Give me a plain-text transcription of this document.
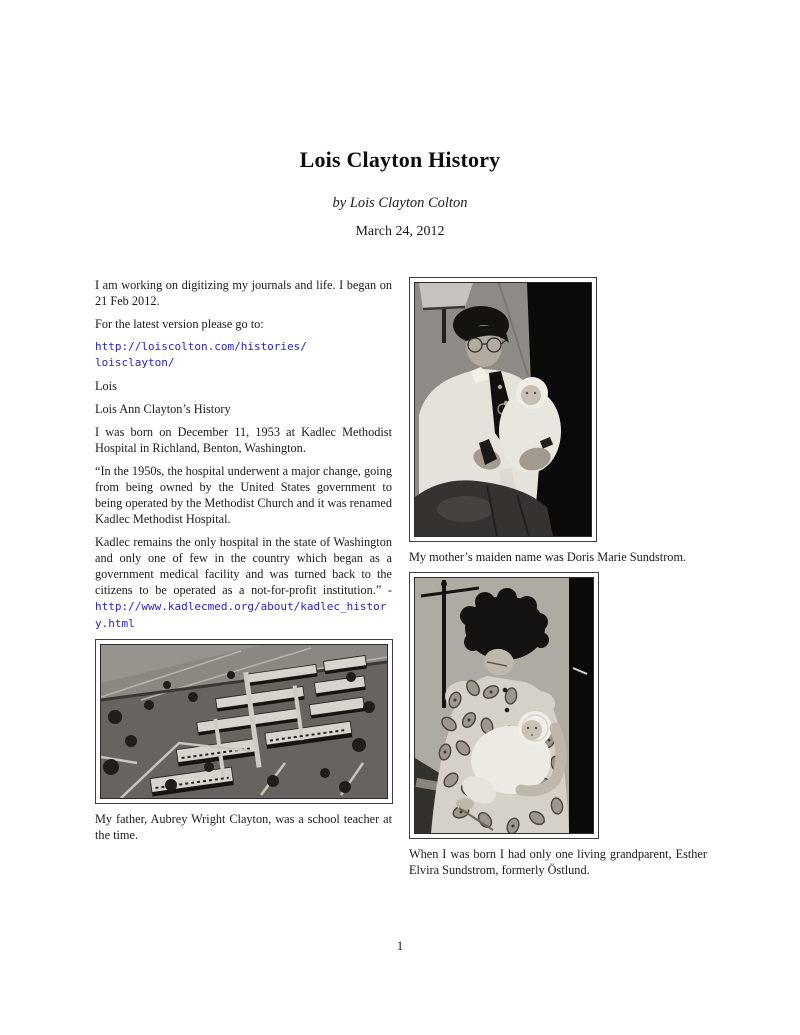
Lois Clayton History
by Lois Clayton Colton
March 24, 2012

I am working on digitizing my journals and life. I began on 21 Feb 2012.

For the latest version please go to:

http://loiscolton.com/histories/
loisclayton/

Lois

Lois Ann Clayton’s History

I was born on December 11, 1953 at Kadlec Methodist Hospital in Richland, Benton, Washington.

“In the 1950s, the hospital underwent a major change, going from being owned by the United States government to being operated by the Methodist Church and it was renamed Kadlec Methodist Hospital.

Kadlec remains the only hospital in the state of Washington and only one of few in the country which began as a government medical facility and was turned back to the citizens to be operated as a not-for-profit institution.” - http://www.kadlecmed.org/about/kadlec_history.html

My father, Aubrey Wright Clayton, was a school teacher at the time.

My mother’s maiden name was Doris Marie Sundstrom.

When I was born I had only one living grandparent, Esther Elvira Sundstrom, formerly Östlund.

1
